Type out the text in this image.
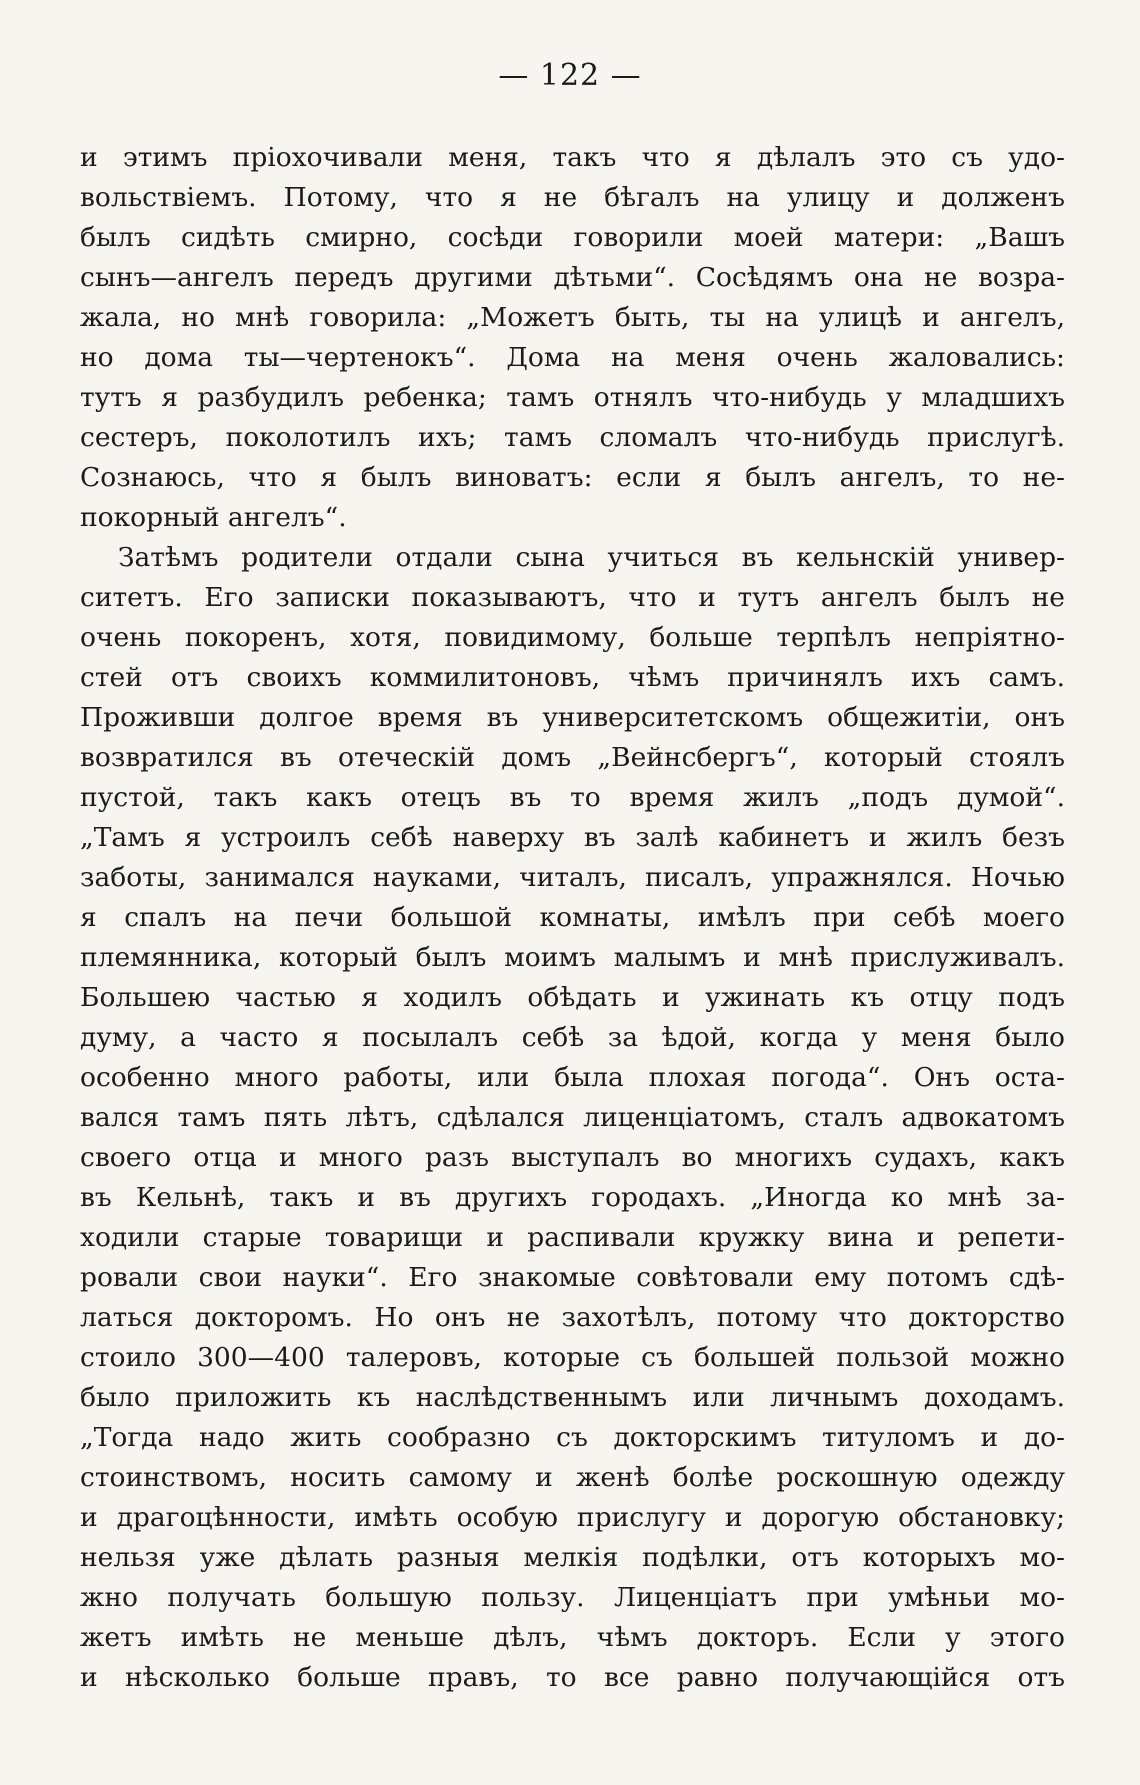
— 122 —
и этимъ пріохочивали меня, такъ что я дѣлалъ это съ удо-
вольствіемъ. Потому, что я не бѣгалъ на улицу и долженъ
былъ сидѣть смирно, сосѣди говорили моей матери: „Вашъ
сынъ—ангелъ передъ другими дѣтьми“. Сосѣдямъ она не возра-
жала, но мнѣ говорила: „Можетъ быть, ты на улицѣ и ангелъ,
но дома ты—чертенокъ“. Дома на меня очень жаловались:
тутъ я разбудилъ ребенка; тамъ отнялъ что-нибудь у младшихъ
сестеръ, поколотилъ ихъ; тамъ сломалъ что-нибудь прислугѣ.
Сознаюсь, что я былъ виноватъ: если я былъ ангелъ, то не-
покорный ангелъ“.
Затѣмъ родители отдали сына учиться въ кельнскій универ-
ситетъ. Его записки показываютъ, что и тутъ ангелъ былъ не
очень покоренъ, хотя, повидимому, больше терпѣлъ непріятно-
стей отъ своихъ коммилитоновъ, чѣмъ причинялъ ихъ самъ.
Проживши долгое время въ университетскомъ общежитіи, онъ
возвратился въ отеческій домъ „Вейнсбергъ“, который стоялъ
пустой, такъ какъ отецъ въ то время жилъ „подъ думой“.
„Тамъ я устроилъ себѣ наверху въ залѣ кабинетъ и жилъ безъ
заботы, занимался науками, читалъ, писалъ, упражнялся. Ночью
я спалъ на печи большой комнаты, имѣлъ при себѣ моего
племянника, который былъ моимъ малымъ и мнѣ прислуживалъ.
Большею частью я ходилъ обѣдать и ужинать къ отцу подъ
думу, а часто я посылалъ себѣ за ѣдой, когда у меня было
особенно много работы, или была плохая погода“. Онъ оста-
вался тамъ пять лѣтъ, сдѣлался лиценціатомъ, сталъ адвокатомъ
своего отца и много разъ выступалъ во многихъ судахъ, какъ
въ Кельнѣ, такъ и въ другихъ городахъ. „Иногда ко мнѣ за-
ходили старые товарищи и распивали кружку вина и репети-
ровали свои науки“. Его знакомые совѣтовали ему потомъ сдѣ-
латься докторомъ. Но онъ не захотѣлъ, потому что докторство
стоило 300—400 талеровъ, которые съ большей пользой можно
было приложить къ наслѣдственнымъ или личнымъ доходамъ.
„Тогда надо жить сообразно съ докторскимъ титуломъ и до-
стоинствомъ, носить самому и женѣ болѣе роскошную одежду
и драгоцѣнности, имѣть особую прислугу и дорогую обстановку;
нельзя уже дѣлать разныя мелкія подѣлки, отъ которыхъ мо-
жно получать большую пользу. Лиценціатъ при умѣньи мо-
жетъ имѣть не меньше дѣлъ, чѣмъ докторъ. Если у этого
и нѣсколько больше правъ, то все равно получающійся отъ
